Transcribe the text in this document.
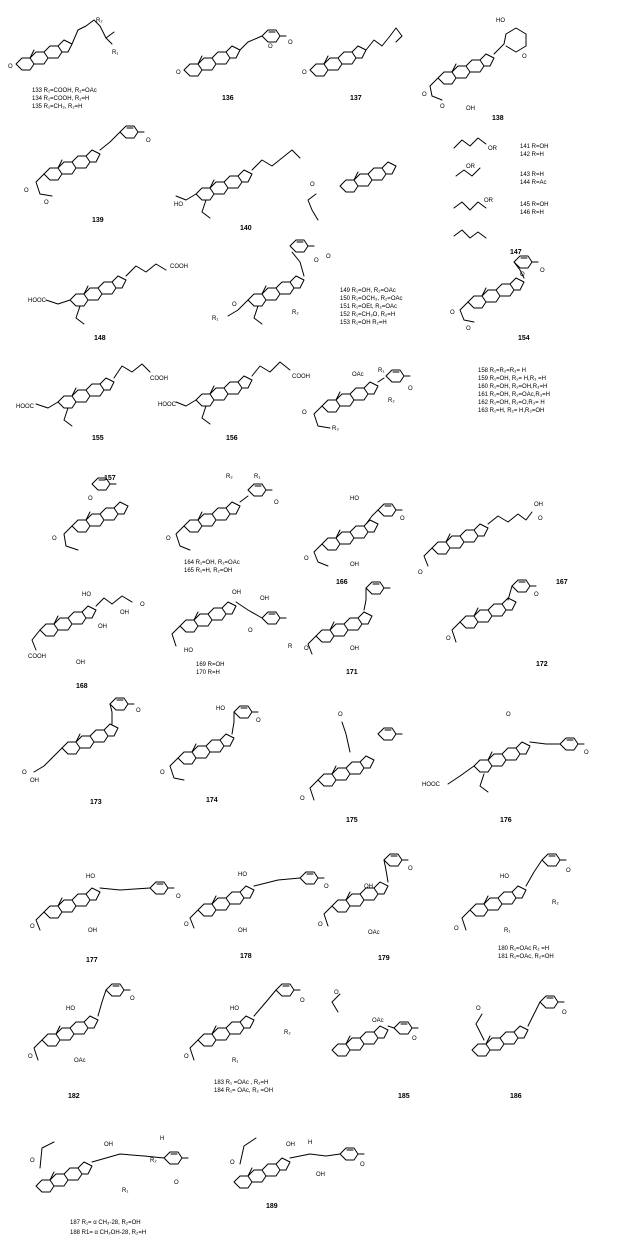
R₂
R₁
O
133 R₁=COOH, R₂=OAc
134 R₁=COOH, R₂=H
135 R₁=CH₃, R₂=H
O
O
O
136
O
137
HO
O
O	OH
O
138
O
O
O
139
HO
O
140
OR
OR
OR
141 R=OH
142 R=H
143 R=H
144 R=Ac
145 R=OH
146 R=H
HOOC
COOH
148
O
R₁
R₂
O
O
149 R₁=OH, R₂=OAc
150 R₁=OCH₃, R₂=OAc
151 R₁=OEt, R₂=OAc
152 R₁=CH₃O, R₂=H
153 R₁=OH R₂=H
O
O
O
O
147
154
HOOC
COOH
155
HOOC
COOH
156
OAc
R₁
R₂
R₃
O
O
158 R₁=R₂=R₃= H
159 R₁=OH, R₂= H,R₃ =H
160 R₁=OH, R₂=OH,R₃=H
161 R₁=OH, R₂=OAc,R₃=H
162 R₁=OH, R₂=O,R₃= H
163 R₁=H, R₂= H,R₃=OH
O
O
157	R₂	R₁
O
O
164 R₁=OH, R₂=OAc
165 R₁=H, R₂=OH
HO
OH
O
O
166
OH
O
O
167
HO
COOH
OH
OH
OH
O
168
OH
OH
HO
O
R
169 R=OH
170 R=H
OH
O
171
O
O
172
OH
O
O
173
HO
O
O
174
O
O
175
HOOC
O
O
176
HO
OH
O
O
177
HO
OH
O
O
178
OH
OAc
O
O
179
HO
R₁
R₂
O
O
180 R₁=OAc R₂ =H
181 R₁=OAc, R₂=OH
HO
OAc
O
O
182
HO
R₁
R₂
O
O
183 R₁ =OAc , R₂=H
184 R₁= OAc, R₂ =OH
OAc
O
O
185
O
O
186
OH
R₁
R₂
H
O
O
187 R₁= α CH₃-28, R₂=OH
188 R1= α CH₂OH-28, R₂=H
O
OH
OH
H
O
189
